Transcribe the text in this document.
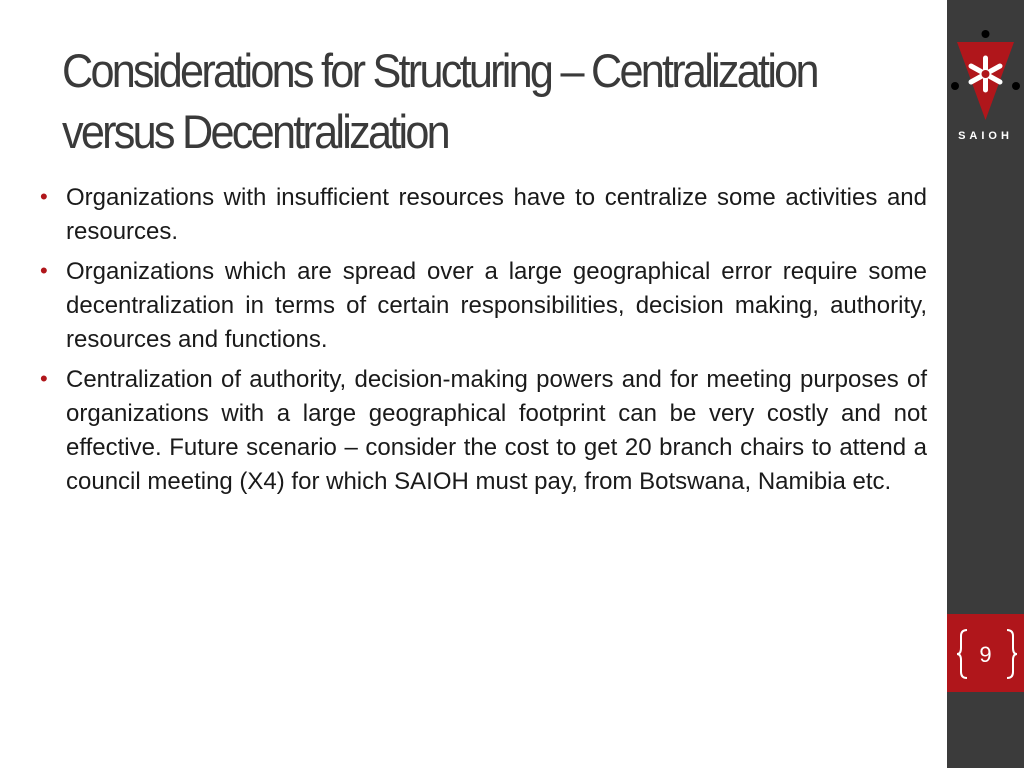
Considerations for Structuring – Centralization versus Decentralization
• Organizations with insufficient resources have to centralize some activities and resources.
• Organizations which are spread over a large geographical error require some decentralization in terms of certain responsibilities, decision making, authority, resources and functions.
• Centralization of authority, decision-making powers and for meeting purposes of organizations with a large geographical footprint can be very costly and not effective. Future scenario – consider the cost to get 20 branch chairs to attend a council meeting (X4) for which SAIOH must pay, from Botswana, Namibia etc.
SAIOH
9
